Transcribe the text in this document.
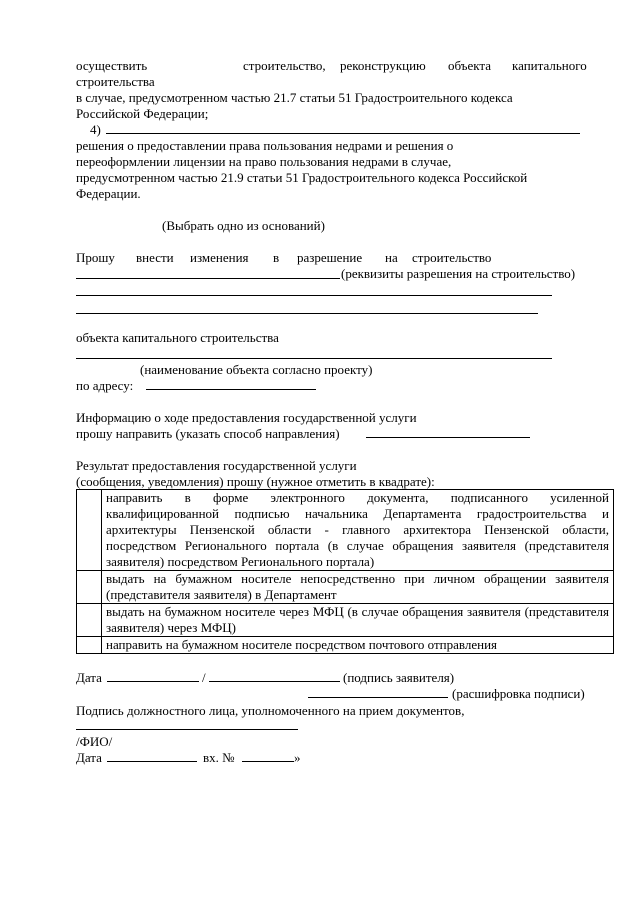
осуществить	строительство, реконструкцию объекта капитального
строительства
в случае, предусмотренном частью 21.7 статьи 51 Градостроительного кодекса
Российской Федерации;
4)
решения о предоставлении права пользования недрами и решения о
переоформлении лицензии на право пользования недрами в случае,
предусмотренном частью 21.9 статьи 51 Градостроительного кодекса Российской
Федерации.
(Выбрать одно из оснований)
Прошу внести изменения в разрешение на строительство
(реквизиты разрешения на строительство)
объекта капитального строительства
(наименование объекта согласно проекту)
по адресу:
Информацию о ходе предоставления государственной услуги
прошу направить (указать способ направления)
Результат предоставления государственной услуги
(сообщения, уведомления) прошу (нужное отметить в квадрате):
	направить в форме электронного документа, подписанного усиленной квалифицированной подписью начальника Департамента градостроительства и архитектуры Пензенской области - главного архитектора Пензенской области, посредством Регионального портала (в случае обращения заявителя (представителя заявителя) посредством Регионального портала)
	выдать на бумажном носителе непосредственно при личном обращении заявителя (представителя заявителя) в Департамент
	выдать на бумажном носителе через МФЦ (в случае обращения заявителя (представителя заявителя) через МФЦ)
	направить на бумажном носителе посредством почтового отправления
Дата	/	(подпись заявителя)
(расшифровка подписи)
Подпись должностного лица, уполномоченного на прием документов,
/ФИО/
Дата	вх. №	»
